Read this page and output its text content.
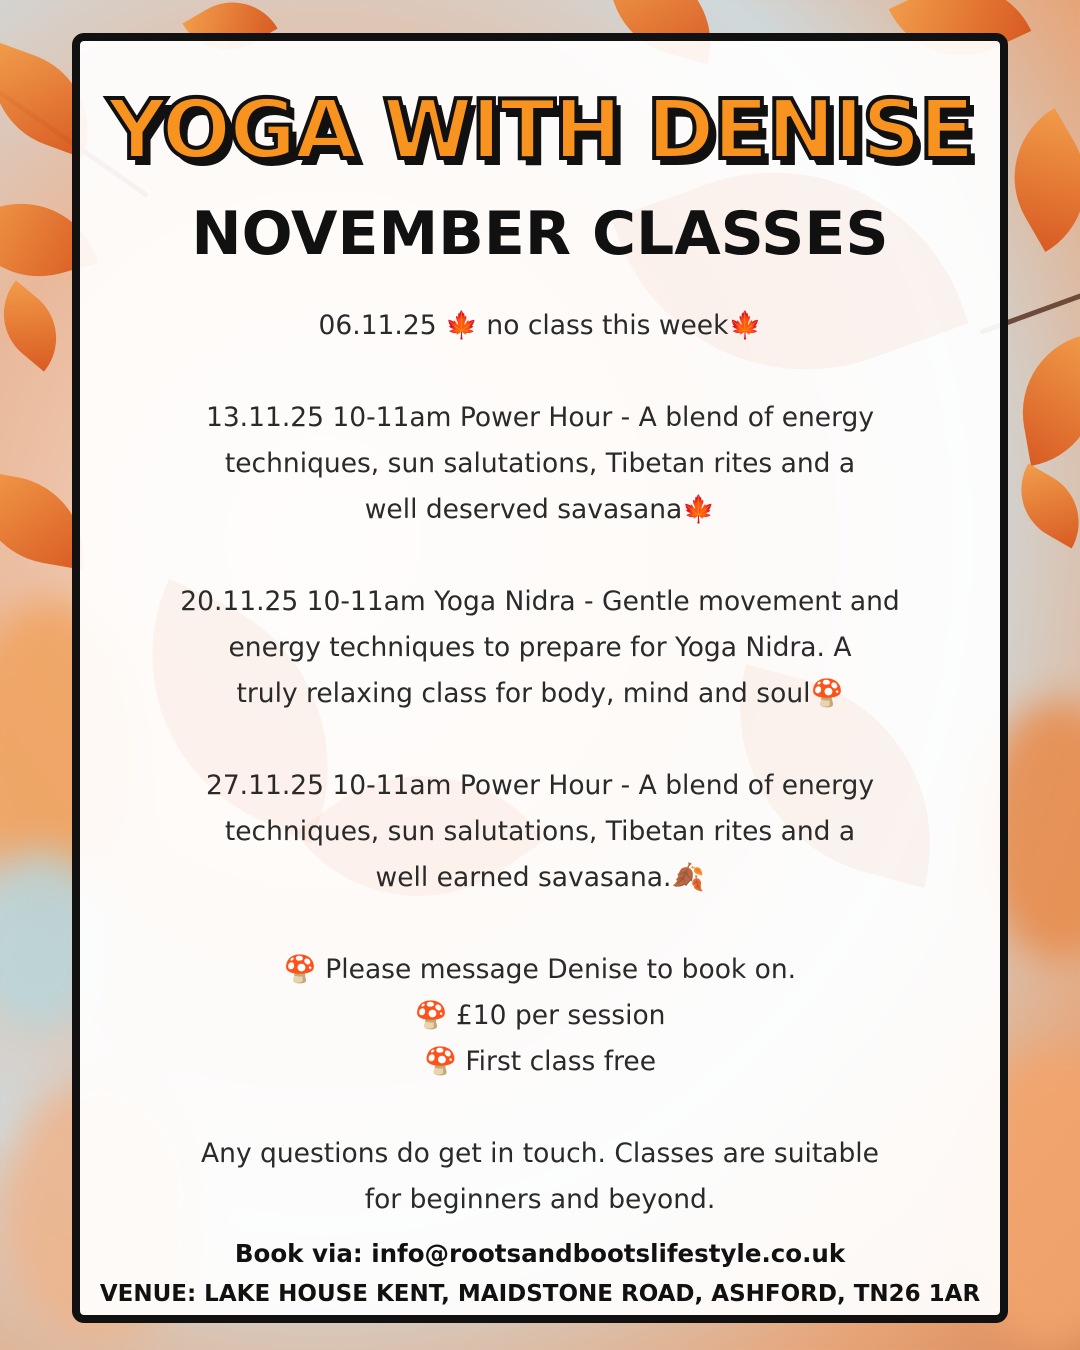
YOGA WITH DENISE
NOVEMBER CLASSES

06.11.25 🍁 no class this week🍁

13.11.25 10-11am Power Hour - A blend of energy
techniques, sun salutations, Tibetan rites and a
well deserved savasana🍁

20.11.25 10-11am Yoga Nidra - Gentle movement and
energy techniques to prepare for Yoga Nidra. A
truly relaxing class for body, mind and soul🍄

27.11.25 10-11am Power Hour - A blend of energy
techniques, sun salutations, Tibetan rites and a
well earned savasana.🍂

🍄 Please message Denise to book on.
🍄 £10 per session
🍄 First class free

Any questions do get in touch. Classes are suitable
for beginners and beyond.

Book via: info@rootsandbootslifestyle.co.uk
VENUE: LAKE HOUSE KENT, MAIDSTONE ROAD, ASHFORD, TN26 1AR
